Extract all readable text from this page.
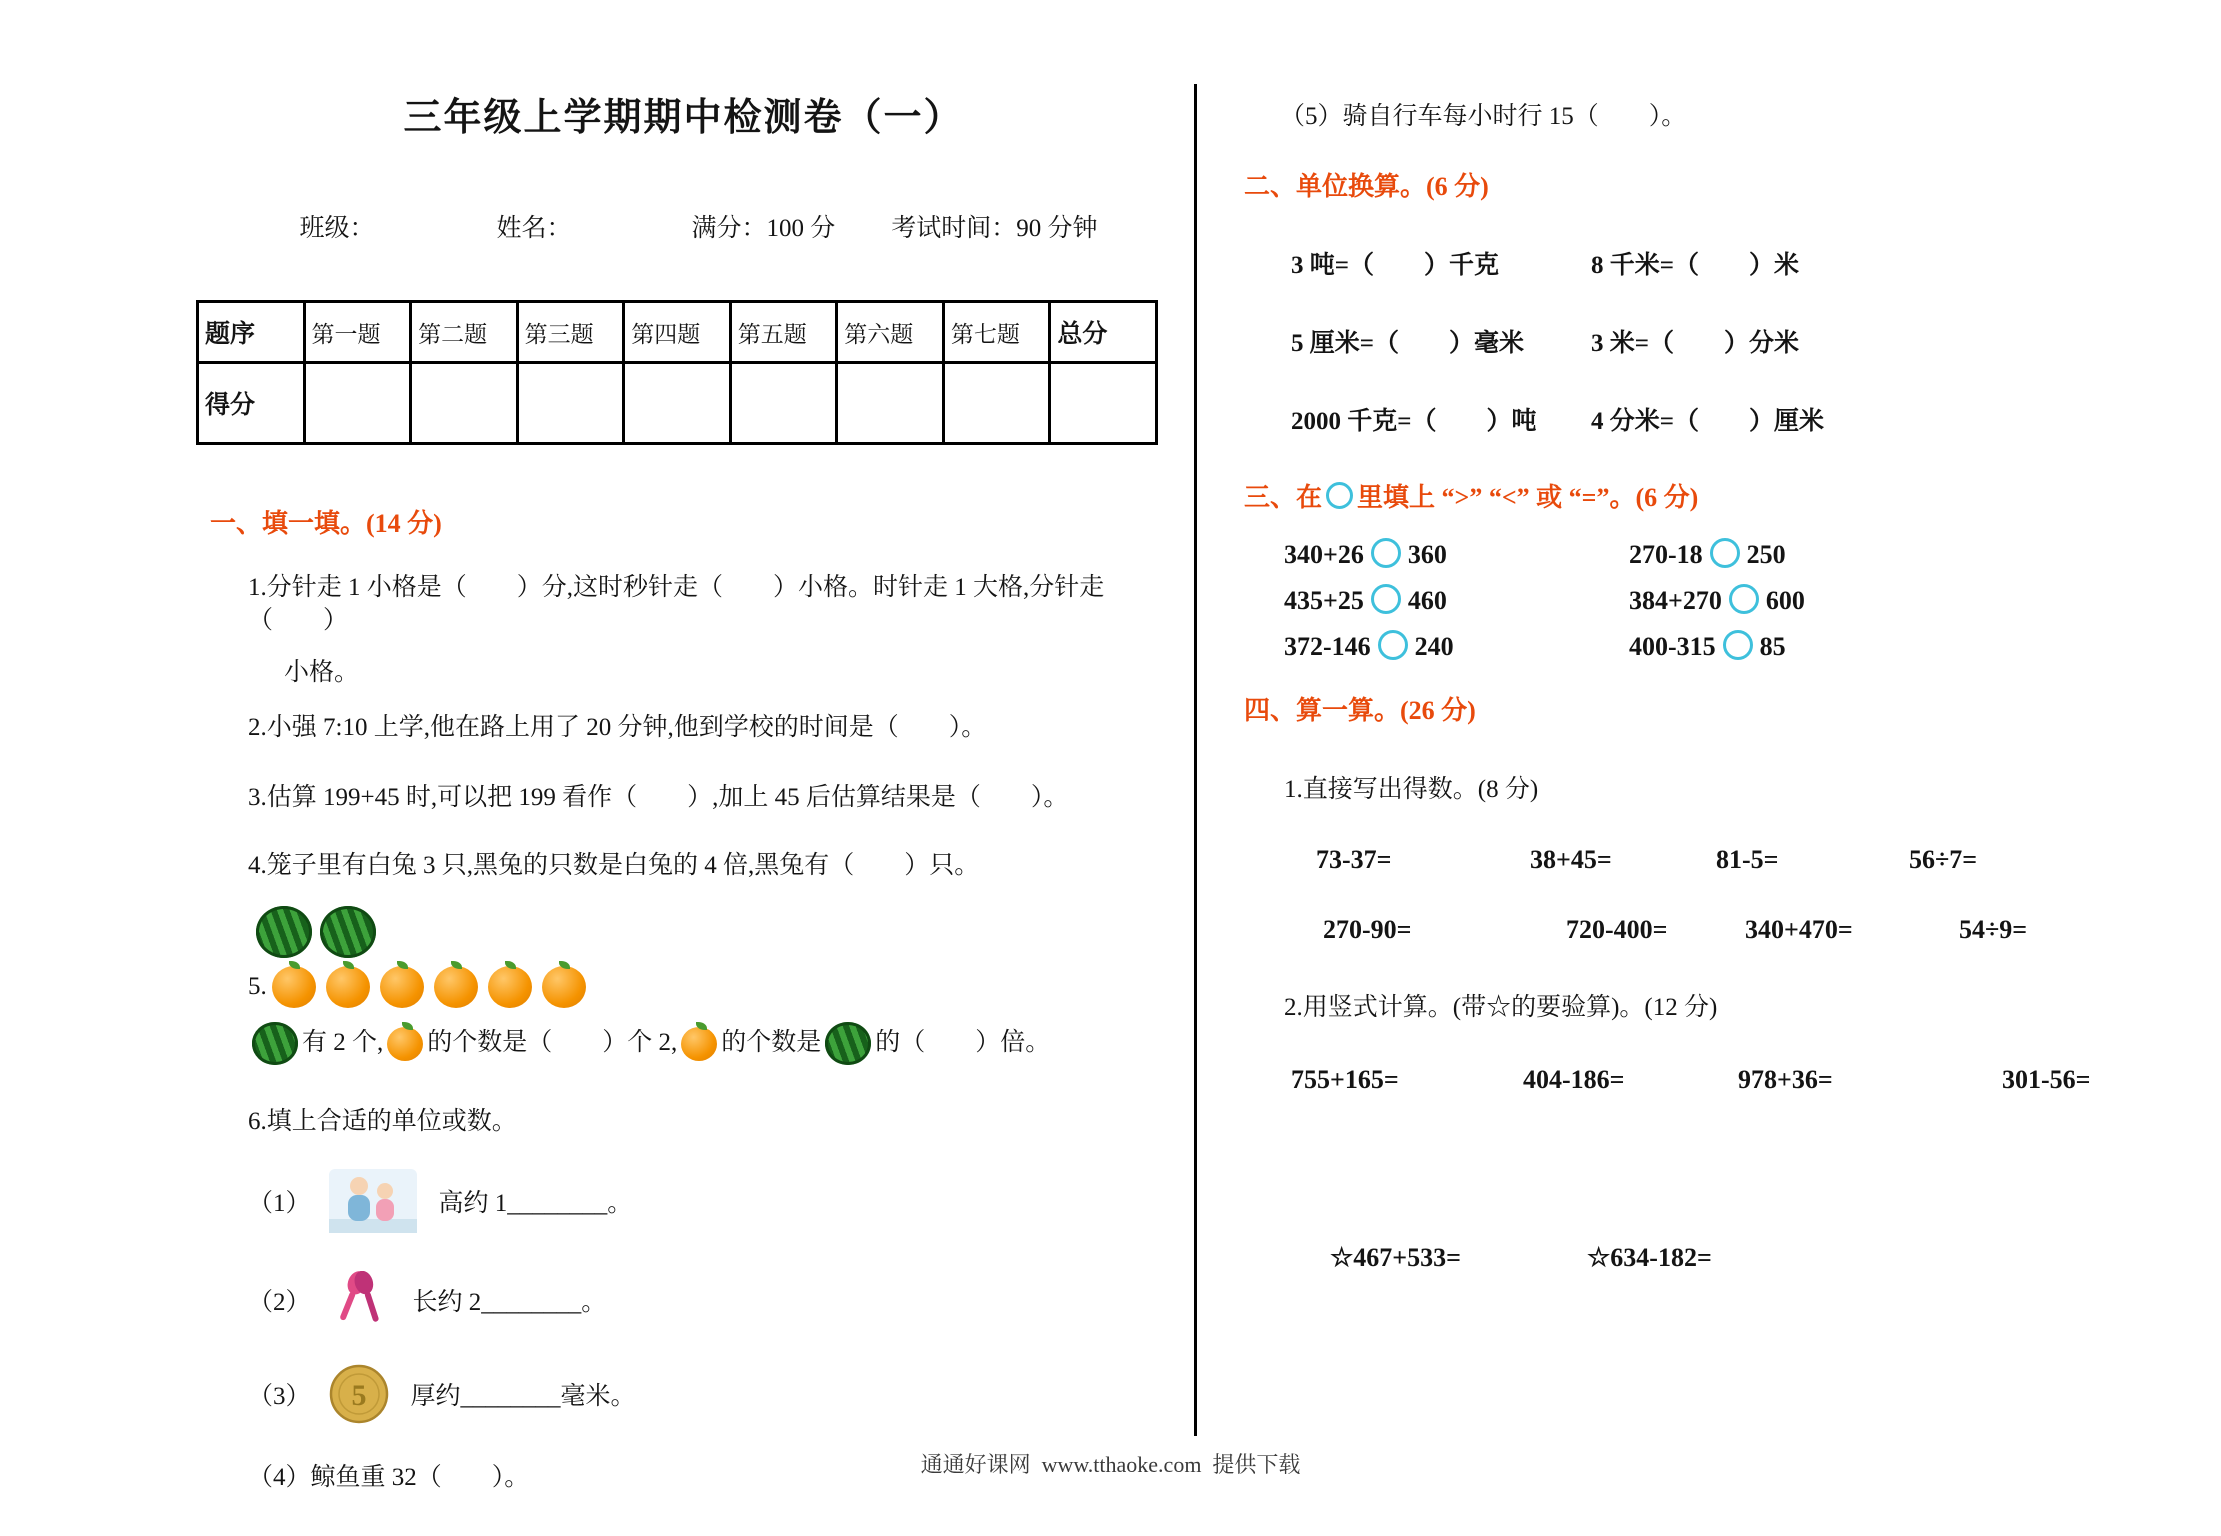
三年级上学期期中检测卷（一）

班级：	姓名：	满分：100 分 考试时间：90 分钟

题序	第一题	第二题	第三题	第四题	第五题	第六题	第七题	总分
得分								
一、填一填。(14 分)

1.分针走 1 小格是（　　）分,这时秒针走（　　）小格。时针走 1 大格,分针走（　　）

小格。

2.小强 7:10 上学,他在路上用了 20 分钟,他到学校的时间是（　　）。

3.估算 199+45 时,可以把 199 看作（　　）,加上 45 后估算结果是（　　）。

4.笼子里有白兔 3 只,黑兔的只数是白兔的 4 倍,黑兔有（　　）只。

5.
有 2 个, 的个数是（　　）个 2, 的个数是 的（　　）倍。

6.填上合适的单位或数。

（1）	高约 1________。
（2）	长约 2________。
（3） 5 厚约________毫米。

（4）鲸鱼重 32（　　）。

（5）骑自行车每小时行 15（　　）。

二、单位换算。(6 分)
3 吨=（　　）千克	8 千米=（　　）米
5 厘米=（　　）毫米	3 米=（　　）分米
2000 千克=（　　）吨	4 分米=（　　）厘米
三、在 里填上 “>” “<” 或 “=”。(6 分)
340+26 360	270-18 250
435+25 460	384+270 600
372-146 240	400-315 85
四、算一算。(26 分)
1.直接写出得数。(8 分)
73-37=	38+45=	81-5=	56÷7=
270-90=	720-400=	340+470=	54÷9=
2.用竖式计算。(带☆的要验算)。(12 分)
755+165=	404-186=	978+36=	301-56=
☆467+533=	☆634-182=
通通好课网  www.tthaoke.com  提供下载
